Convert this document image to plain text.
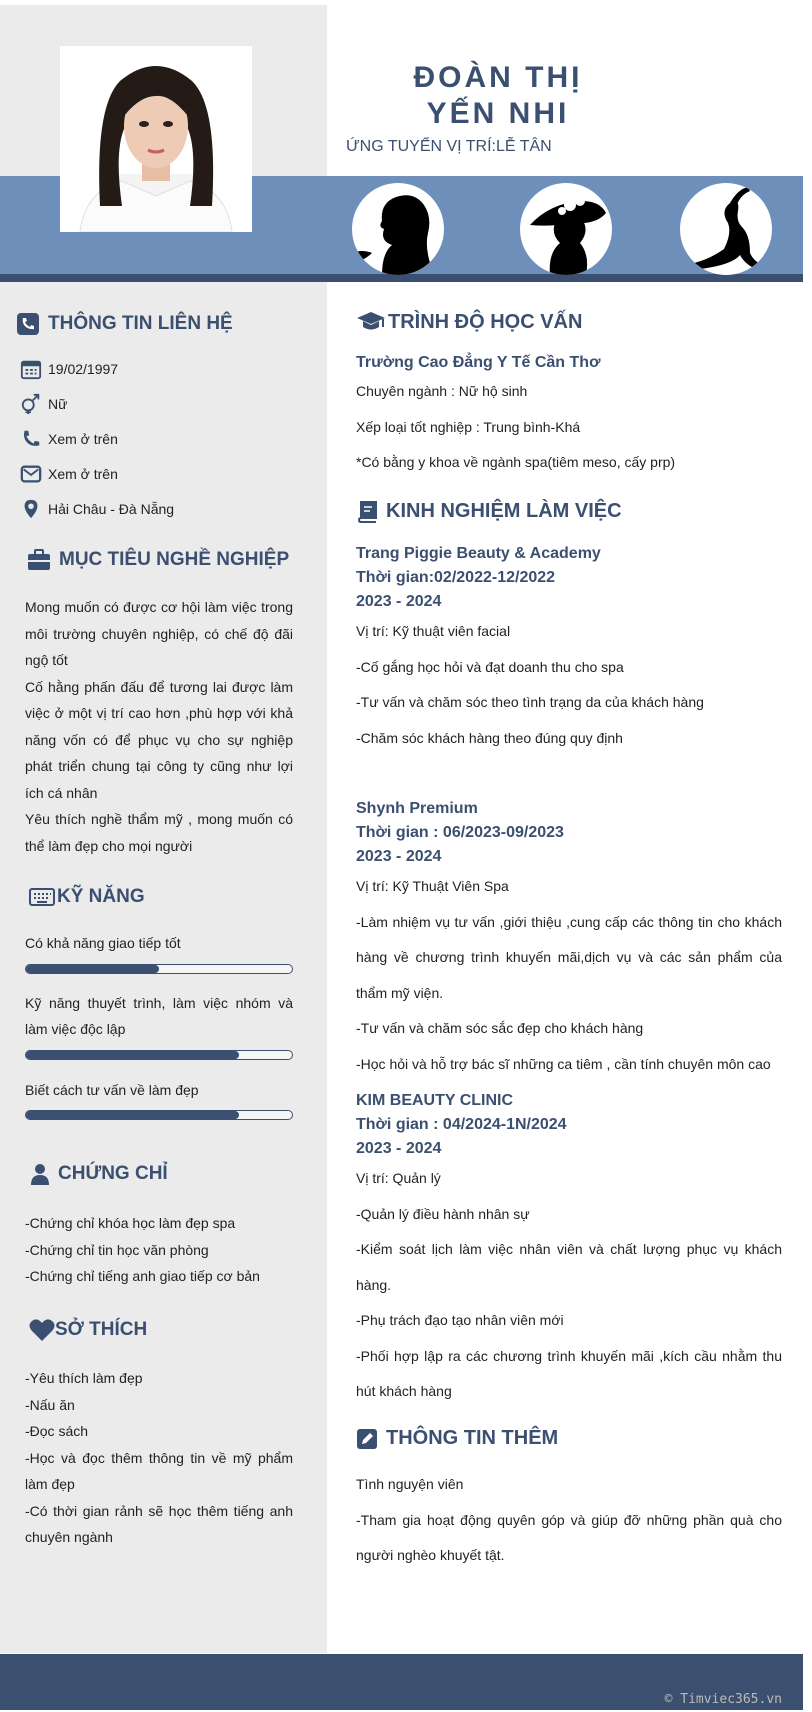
ĐOÀN THỊ
YẾN NHI
ỨNG TUYỂN VỊ TRÍ:LỄ TÂN
THÔNG TIN LIÊN HỆ
19/02/1997
Nữ
Xem ở trên
Xem ở trên
Hải Châu - Đà Nẵng
MỤC TIÊU NGHỀ NGHIỆP

Mong muốn có được cơ hội làm việc trong môi trường chuyên nghiệp, có chế độ đãi ngộ tốt

Cố hằng phấn đấu để tương lai được làm việc ở một vị trí cao hơn ,phù hợp với khả năng vốn có để phục vụ cho sự nghiệp phát triển chung tại công ty cũng như lợi ích cá nhân

Yêu thích nghề thẩm mỹ , mong muốn có thể làm đẹp cho mọi người

KỸ NĂNG
Có khả năng giao tiếp tốt
Kỹ năng thuyết trình, làm việc nhóm và làm việc độc lập
Biết cách tư vấn về làm đẹp
CHỨNG CHỈ
-Chứng chỉ khóa học làm đẹp spa
-Chứng chỉ tin học văn phòng
-Chứng chỉ tiếng anh giao tiếp cơ bản
SỞ THÍCH
-Yêu thích làm đẹp
-Nấu ăn
-Đọc sách
-Học và đọc thêm thông tin về mỹ phẩm làm đẹp
-Có thời gian rảnh sẽ học thêm tiếng anh chuyên ngành
TRÌNH ĐỘ HỌC VẤN
Trường Cao Đẳng Y Tế Cần Thơ
Chuyên ngành : Nữ hộ sinh
Xếp loại tốt nghiệp : Trung bình-Khá
*Có bằng y khoa về ngành spa(tiêm meso, cấy prp)
KINH NGHIỆM LÀM VIỆC
Trang Piggie Beauty & Academy
Thời gian:02/2022-12/2022
2023 - 2024
Vị trí: Kỹ thuật viên facial
-Cố gắng học hỏi và đạt doanh thu cho spa
-Tư vấn và chăm sóc theo tình trạng da của khách hàng
-Chăm sóc khách hàng theo đúng quy định
Shynh Premium
Thời gian : 06/2023-09/2023
2023 - 2024
Vị trí: Kỹ Thuật Viên Spa
-Làm nhiệm vụ tư vấn ,giới thiệu ,cung cấp các thông tin cho khách hàng về chương trình khuyến mãi,dịch vụ và các sản phẩm của thẩm mỹ viện.
-Tư vấn và chăm sóc sắc đẹp cho khách hàng
-Học hỏi và hỗ trợ bác sĩ những ca tiêm , cần tính chuyên môn cao
KIM BEAUTY CLINIC
Thời gian : 04/2024-1N/2024
2023 - 2024
Vị trí: Quản lý
-Quản lý điều hành nhân sự
-Kiểm soát lịch làm việc nhân viên và chất lượng phục vụ khách hàng.
-Phụ trách đạo tạo nhân viên mới
-Phối hợp lập ra các chương trình khuyến mãi ,kích cầu nhằm thu hút khách hàng
THÔNG TIN THÊM
Tình nguyện viên
-Tham gia hoạt động quyên góp và giúp đỡ những phần quà cho người nghèo khuyết tật.
© Timviec365.vn
